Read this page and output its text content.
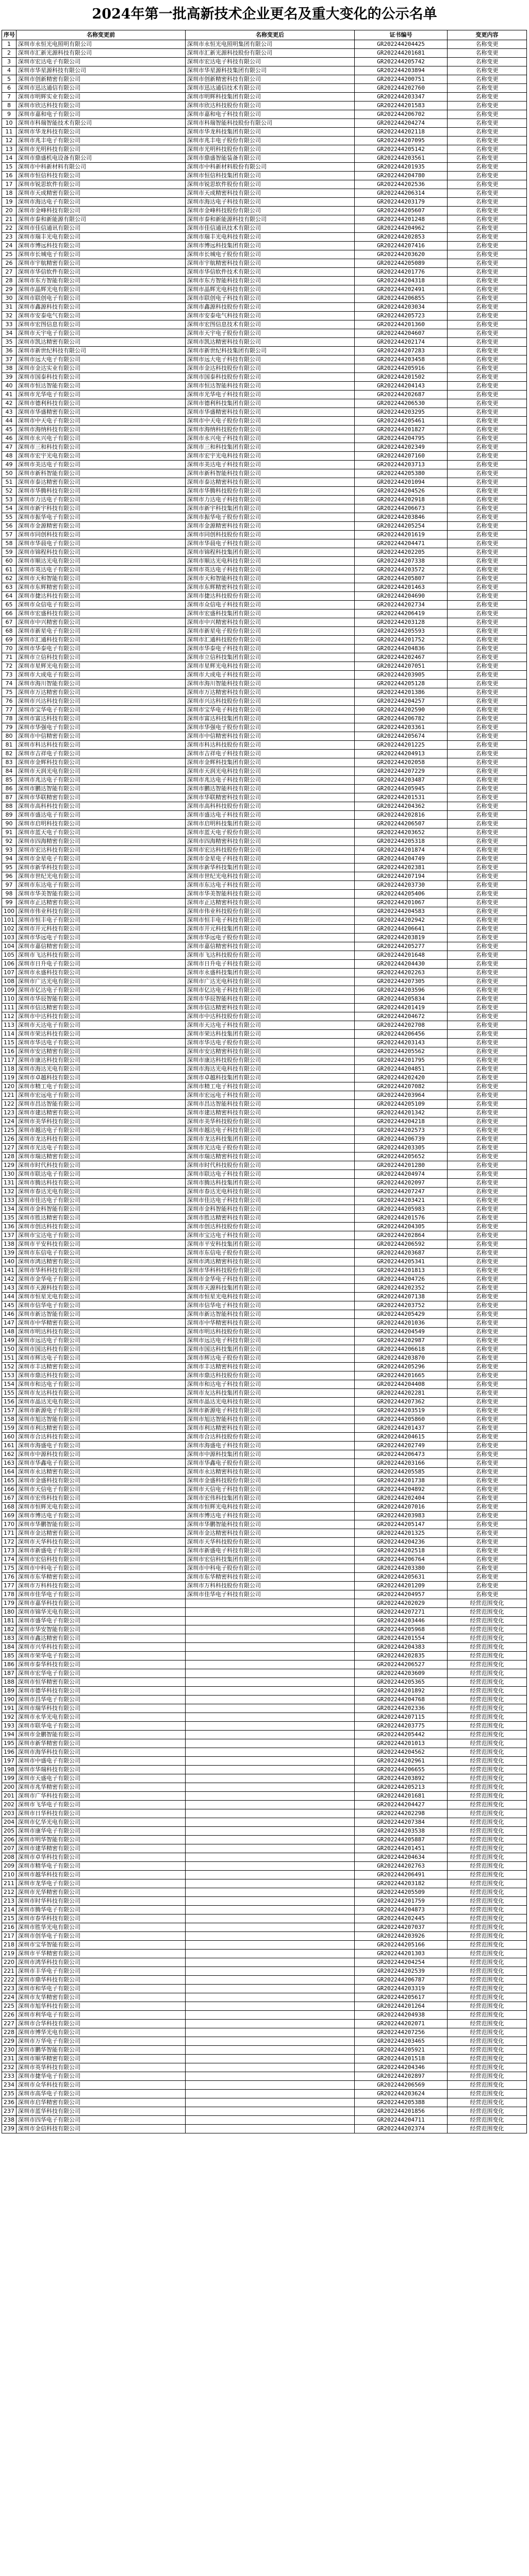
2024年第一批高新技术企业更名及重大变化的公示名单
序号	名称变更前	名称变更后	证书编号	变更内容
1	深圳市永恒光电照明有限公司	深圳市永恒光电照明集团有限公司	GR202244204425	名称变更
2	深圳市汇新光源科技有限公司	深圳市汇新光源科技股份有限公司	GR202244201681	名称变更
3	深圳市宏达电子有限公司	深圳市宏达电子科技有限公司	GR202244205742	名称变更
4	深圳市华星源科技有限公司	深圳市华星源科技集团有限公司	GR202244203894	名称变更
5	深圳市创新精密有限公司	深圳市创新精密科技有限公司	GR202244200751	名称变更
6	深圳市迅达通信有限公司	深圳市迅达通信技术有限公司	GR202244202760	名称变更
7	深圳市明辉实业有限公司	深圳市明辉科技集团有限公司	GR202244203347	名称变更
8	深圳市欣达科技有限公司	深圳市欣达科技股份有限公司	GR202244201583	名称变更
9	深圳市嘉和电子有限公司	深圳市嘉和电子科技有限公司	GR202244206702	名称变更
10	深圳市科瑞智能技术有限公司	深圳市科瑞智能科技股份有限公司	GR202244204274	名称变更
11	深圳市华龙科技有限公司	深圳市华龙科技集团有限公司	GR202244202118	名称变更
12	深圳市兆丰电子有限公司	深圳市兆丰电子股份有限公司	GR202244207095	名称变更
13	深圳市光明科技有限公司	深圳市光明科技股份有限公司	GR202244205142	名称变更
14	深圳市鼎盛机电设备有限公司	深圳市鼎盛智能装备有限公司	GR202244203561	名称变更
15	深圳市中科新材料有限公司	深圳市中科新材料股份有限公司	GR202244201935	名称变更
16	深圳市恒信科技有限公司	深圳市恒信科技集团有限公司	GR202244204780	名称变更
17	深圳市锐思软件有限公司	深圳市锐思软件股份有限公司	GR202244202536	名称变更
18	深圳市天成精密有限公司	深圳市天成精密科技有限公司	GR202244206314	名称变更
19	深圳市海达电子有限公司	深圳市海达电子科技有限公司	GR202244203179	名称变更
20	深圳市金峰科技有限公司	深圳市金峰科技股份有限公司	GR202244205607	名称变更
21	深圳市泰和新能源有限公司	深圳市泰和新能源科技有限公司	GR202244201248	名称变更
22	深圳市佳信通讯有限公司	深圳市佳信通讯技术有限公司	GR202244204962	名称变更
23	深圳市瑞丰光电有限公司	深圳市瑞丰光电科技有限公司	GR202244202853	名称变更
24	深圳市博远科技有限公司	深圳市博远科技集团有限公司	GR202244207416	名称变更
25	深圳市长城电子有限公司	深圳市长城电子股份有限公司	GR202244203620	名称变更
26	深圳市宇航精密有限公司	深圳市宇航精密科技有限公司	GR202244205089	名称变更
27	深圳市华信软件有限公司	深圳市华信软件技术有限公司	GR202244201776	名称变更
28	深圳市东方智能有限公司	深圳市东方智能科技有限公司	GR202244204318	名称变更
29	深圳市晶辉光电有限公司	深圳市晶辉光电科技有限公司	GR202244202491	名称变更
30	深圳市联创电子有限公司	深圳市联创电子科技有限公司	GR202244206855	名称变更
31	深圳市鑫源科技有限公司	深圳市鑫源科技股份有限公司	GR202244203034	名称变更
32	深圳市安泰电气有限公司	深圳市安泰电气科技有限公司	GR202244205723	名称变更
33	深圳市宏图信息有限公司	深圳市宏图信息技术有限公司	GR202244201360	名称变更
34	深圳市天宇电子有限公司	深圳市天宇电子股份有限公司	GR202244204607	名称变更
35	深圳市凯达精密有限公司	深圳市凯达精密科技有限公司	GR202244202174	名称变更
36	深圳市新世纪科技有限公司	深圳市新世纪科技集团有限公司	GR202244207283	名称变更
37	深圳市远大电子有限公司	深圳市远大电子科技有限公司	GR202244203458	名称变更
38	深圳市金达实业有限公司	深圳市金达科技股份有限公司	GR202244205916	名称变更
39	深圳市国泰科技有限公司	深圳市国泰科技股份有限公司	GR202244201502	名称变更
40	深圳市恒达智能有限公司	深圳市恒达智能科技有限公司	GR202244204143	名称变更
41	深圳市光华电子有限公司	深圳市光华电子科技有限公司	GR202244202687	名称变更
42	深圳市德利科技有限公司	深圳市德利科技集团有限公司	GR202244206530	名称变更
43	深圳市华盛精密有限公司	深圳市华盛精密科技有限公司	GR202244203295	名称变更
44	深圳市中天电子有限公司	深圳市中天电子股份有限公司	GR202244205461	名称变更
45	深圳市海纳科技有限公司	深圳市海纳科技股份有限公司	GR202244201827	名称变更
46	深圳市永兴电子有限公司	深圳市永兴电子科技有限公司	GR202244204795	名称变更
47	深圳市三和科技有限公司	深圳市三和科技集团有限公司	GR202244202349	名称变更
48	深圳市宏宇光电有限公司	深圳市宏宇光电科技有限公司	GR202244207160	名称变更
49	深圳市美达电子有限公司	深圳市美达电子科技有限公司	GR202244203713	名称变更
50	深圳市新科智能有限公司	深圳市新科智能科技有限公司	GR202244205380	名称变更
51	深圳市泰达精密有限公司	深圳市泰达精密科技有限公司	GR202244201094	名称变更
52	深圳市华腾科技有限公司	深圳市华腾科技股份有限公司	GR202244204526	名称变更
53	深圳市力达电子有限公司	深圳市力达电子科技有限公司	GR202244202918	名称变更
54	深圳市新宇科技有限公司	深圳市新宇科技集团有限公司	GR202244206673	名称变更
55	深圳市振华电子有限公司	深圳市振华电子股份有限公司	GR202244203846	名称变更
56	深圳市金源精密有限公司	深圳市金源精密科技有限公司	GR202244205254	名称变更
57	深圳市同创科技有限公司	深圳市同创科技股份有限公司	GR202244201619	名称变更
58	深圳市华晨电子有限公司	深圳市华晨电子科技有限公司	GR202244204471	名称变更
59	深圳市锦程科技有限公司	深圳市锦程科技集团有限公司	GR202244202205	名称变更
60	深圳市顺达光电有限公司	深圳市顺达光电科技有限公司	GR202244207338	名称变更
61	深圳市英达电子有限公司	深圳市英达电子科技有限公司	GR202244203572	名称变更
62	深圳市天和智能有限公司	深圳市天和智能科技有限公司	GR202244205807	名称变更
63	深圳市东辉精密有限公司	深圳市东辉精密科技有限公司	GR202244201463	名称变更
64	深圳市捷达科技有限公司	深圳市捷达科技股份有限公司	GR202244204690	名称变更
65	深圳市众信电子有限公司	深圳市众信电子科技有限公司	GR202244202734	名称变更
66	深圳市宏盛科技有限公司	深圳市宏盛科技集团有限公司	GR202244206419	名称变更
67	深圳市中兴精密有限公司	深圳市中兴精密科技有限公司	GR202244203128	名称变更
68	深圳市新星电子有限公司	深圳市新星电子股份有限公司	GR202244205593	名称变更
69	深圳市汇通科技有限公司	深圳市汇通科技股份有限公司	GR202244201752	名称变更
70	深圳市华泰电子有限公司	深圳市华泰电子科技有限公司	GR202244204836	名称变更
71	深圳市立信科技有限公司	深圳市立信科技集团有限公司	GR202244202467	名称变更
72	深圳市星辉光电有限公司	深圳市星辉光电科技有限公司	GR202244207051	名称变更
73	深圳市大成电子有限公司	深圳市大成电子科技有限公司	GR202244203905	名称变更
74	深圳市海川智能有限公司	深圳市海川智能科技有限公司	GR202244205128	名称变更
75	深圳市万达精密有限公司	深圳市万达精密科技有限公司	GR202244201386	名称变更
76	深圳市兴达科技有限公司	深圳市兴达科技股份有限公司	GR202244204257	名称变更
77	深圳市宝华电子有限公司	深圳市宝华电子科技有限公司	GR202244202590	名称变更
78	深圳市富达科技有限公司	深圳市富达科技集团有限公司	GR202244206782	名称变更
79	深圳市华强电子有限公司	深圳市华强电子股份有限公司	GR202244203361	名称变更
80	深圳市中信精密有限公司	深圳市中信精密科技有限公司	GR202244205674	名称变更
81	深圳市科达科技有限公司	深圳市科达科技股份有限公司	GR202244201225	名称变更
82	深圳市吉祥电子有限公司	深圳市吉祥电子科技有限公司	GR202244204913	名称变更
83	深圳市金辉科技有限公司	深圳市金辉科技集团有限公司	GR202244202058	名称变更
84	深圳市天润光电有限公司	深圳市天润光电科技有限公司	GR202244207229	名称变更
85	深圳市兆达电子有限公司	深圳市兆达电子科技有限公司	GR202244203487	名称变更
86	深圳市鹏达智能有限公司	深圳市鹏达智能科技有限公司	GR202244205945	名称变更
87	深圳市华联精密有限公司	深圳市华联精密科技有限公司	GR202244201531	名称变更
88	深圳市高科科技有限公司	深圳市高科科技股份有限公司	GR202244204362	名称变更
89	深圳市盛达电子有限公司	深圳市盛达电子科技有限公司	GR202244202816	名称变更
90	深圳市启明科技有限公司	深圳市启明科技集团有限公司	GR202244206507	名称变更
91	深圳市蓝天电子有限公司	深圳市蓝天电子股份有限公司	GR202244203652	名称变更
92	深圳市四海精密有限公司	深圳市四海精密科技有限公司	GR202244205318	名称变更
93	深圳市宏达科技有限公司	深圳市宏达科技股份有限公司	GR202244201874	名称变更
94	深圳市金星电子有限公司	深圳市金星电子科技有限公司	GR202244204749	名称变更
95	深圳市新华科技有限公司	深圳市新华科技集团有限公司	GR202244202381	名称变更
96	深圳市世纪光电有限公司	深圳市世纪光电科技有限公司	GR202244207194	名称变更
97	深圳市东达电子有限公司	深圳市东达电子科技有限公司	GR202244203730	名称变更
98	深圳市华美智能有限公司	深圳市华美智能科技有限公司	GR202244205406	名称变更
99	深圳市正达精密有限公司	深圳市正达精密科技有限公司	GR202244201067	名称变更
100	深圳市伟业科技有限公司	深圳市伟业科技股份有限公司	GR202244204583	名称变更
101	深圳市恒丰电子有限公司	深圳市恒丰电子科技有限公司	GR202244202942	名称变更
102	深圳市开元科技有限公司	深圳市开元科技集团有限公司	GR202244206641	名称变更
103	深圳市华远电子有限公司	深圳市华远电子股份有限公司	GR202244203819	名称变更
104	深圳市嘉信精密有限公司	深圳市嘉信精密科技有限公司	GR202244205277	名称变更
105	深圳市飞达科技有限公司	深圳市飞达科技股份有限公司	GR202244201648	名称变更
106	深圳市日升电子有限公司	深圳市日升电子科技有限公司	GR202244204430	名称变更
107	深圳市永盛科技有限公司	深圳市永盛科技集团有限公司	GR202244202263	名称变更
108	深圳市广达光电有限公司	深圳市广达光电科技有限公司	GR202244207305	名称变更
109	深圳市亿达电子有限公司	深圳市亿达电子科技有限公司	GR202244203596	名称变更
110	深圳市华辰智能有限公司	深圳市华辰智能科技有限公司	GR202244205834	名称变更
111	深圳市信达精密有限公司	深圳市信达精密科技有限公司	GR202244201419	名称变更
112	深圳市中达科技有限公司	深圳市中达科技股份有限公司	GR202244204672	名称变更
113	深圳市天达电子有限公司	深圳市天达电子科技有限公司	GR202244202708	名称变更
114	深圳市荣达科技有限公司	深圳市荣达科技集团有限公司	GR202244206456	名称变更
115	深圳市华达电子有限公司	深圳市华达电子股份有限公司	GR202244203143	名称变更
116	深圳市安达精密有限公司	深圳市安达精密科技有限公司	GR202244205562	名称变更
117	深圳市康达科技有限公司	深圳市康达科技股份有限公司	GR202244201795	名称变更
118	深圳市海达光电有限公司	深圳市海达光电科技有限公司	GR202244204851	名称变更
119	深圳市卓越科技有限公司	深圳市卓越科技集团有限公司	GR202244202420	名称变更
120	深圳市精工电子有限公司	深圳市精工电子科技有限公司	GR202244207082	名称变更
121	深圳市宏远电子有限公司	深圳市宏远电子科技有限公司	GR202244203964	名称变更
122	深圳市昌达智能有限公司	深圳市昌达智能科技有限公司	GR202244205109	名称变更
123	深圳市建达精密有限公司	深圳市建达精密科技有限公司	GR202244201342	名称变更
124	深圳市美华科技有限公司	深圳市美华科技股份有限公司	GR202244204218	名称变更
125	深圳市越达电子有限公司	深圳市越达电子科技有限公司	GR202244202573	名称变更
126	深圳市龙达科技有限公司	深圳市龙达科技集团有限公司	GR202244206739	名称变更
127	深圳市光达电子有限公司	深圳市光达电子股份有限公司	GR202244203305	名称变更
128	深圳市瑞达精密有限公司	深圳市瑞达精密科技有限公司	GR202244205652	名称变更
129	深圳市时代科技有限公司	深圳市时代科技股份有限公司	GR202244201280	名称变更
130	深圳市联达电子有限公司	深圳市联达电子科技有限公司	GR202244204974	名称变更
131	深圳市腾达科技有限公司	深圳市腾达科技集团有限公司	GR202244202097	名称变更
132	深圳市春达光电有限公司	深圳市春达光电科技有限公司	GR202244207247	名称变更
133	深圳市佳达电子有限公司	深圳市佳达电子科技有限公司	GR202244203421	名称变更
134	深圳市金科智能有限公司	深圳市金科智能科技有限公司	GR202244205983	名称变更
135	深圳市胜达精密有限公司	深圳市胜达精密科技有限公司	GR202244201576	名称变更
136	深圳市创达科技有限公司	深圳市创达科技股份有限公司	GR202244204305	名称变更
137	深圳市宝达电子有限公司	深圳市宝达电子科技有限公司	GR202244202864	名称变更
138	深圳市平安科技有限公司	深圳市平安科技集团有限公司	GR202244206592	名称变更
139	深圳市东信电子有限公司	深圳市东信电子股份有限公司	GR202244203687	名称变更
140	深圳市鸿达精密有限公司	深圳市鸿达精密科技有限公司	GR202244205341	名称变更
141	深圳市华科科技有限公司	深圳市华科科技股份有限公司	GR202244201813	名称变更
142	深圳市金华电子有限公司	深圳市金华电子科技有限公司	GR202244204726	名称变更
143	深圳市天源科技有限公司	深圳市天源科技集团有限公司	GR202244202352	名称变更
144	深圳市恒星光电有限公司	深圳市恒星光电科技有限公司	GR202244207138	名称变更
145	深圳市信华电子有限公司	深圳市信华电子科技有限公司	GR202244203752	名称变更
146	深圳市新达智能有限公司	深圳市新达智能科技有限公司	GR202244205429	名称变更
147	深圳市中华精密有限公司	深圳市中华精密科技有限公司	GR202244201036	名称变更
148	深圳市明达科技有限公司	深圳市明达科技股份有限公司	GR202244204549	名称变更
149	深圳市远达电子有限公司	深圳市远达电子科技有限公司	GR202244202987	名称变更
150	深圳市国达科技有限公司	深圳市国达科技集团有限公司	GR202244206618	名称变更
151	深圳市辉达电子有限公司	深圳市辉达电子股份有限公司	GR202244203870	名称变更
152	深圳市丰达精密有限公司	深圳市丰达精密科技有限公司	GR202244205296	名称变更
153	深圳市鼎达科技有限公司	深圳市鼎达科技股份有限公司	GR202244201665	名称变更
154	深圳市和达电子有限公司	深圳市和达电子科技有限公司	GR202244204408	名称变更
155	深圳市友达科技有限公司	深圳市友达科技集团有限公司	GR202244202281	名称变更
156	深圳市晶达光电有限公司	深圳市晶达光电科技有限公司	GR202244207362	名称变更
157	深圳市新源电子有限公司	深圳市新源电子科技有限公司	GR202244203519	名称变更
158	深圳市旭达智能有限公司	深圳市旭达智能科技有限公司	GR202244205860	名称变更
159	深圳市利达精密有限公司	深圳市利达精密科技有限公司	GR202244201437	名称变更
160	深圳市合达科技有限公司	深圳市合达科技股份有限公司	GR202244204615	名称变更
161	深圳市海盛电子有限公司	深圳市海盛电子科技有限公司	GR202244202749	名称变更
162	深圳市中源科技有限公司	深圳市中源科技集团有限公司	GR202244206473	名称变更
163	深圳市华鑫电子有限公司	深圳市华鑫电子股份有限公司	GR202244203166	名称变更
164	深圳市永达精密有限公司	深圳市永达精密科技有限公司	GR202244205585	名称变更
165	深圳市金盛科技有限公司	深圳市金盛科技股份有限公司	GR202244201738	名称变更
166	深圳市天信电子有限公司	深圳市天信电子科技有限公司	GR202244204892	名称变更
167	深圳市宏伟科技有限公司	深圳市宏伟科技集团有限公司	GR202244202404	名称变更
168	深圳市恒辉光电有限公司	深圳市恒辉光电科技有限公司	GR202244207016	名称变更
169	深圳市博达电子有限公司	深圳市博达电子科技有限公司	GR202244203983	名称变更
170	深圳市华鹏智能有限公司	深圳市华鹏智能科技有限公司	GR202244205147	名称变更
171	深圳市金达精密有限公司	深圳市金达精密科技有限公司	GR202244201325	名称变更
172	深圳市天华科技有限公司	深圳市天华科技股份有限公司	GR202244204236	名称变更
173	深圳市新盛电子有限公司	深圳市新盛电子科技有限公司	GR202244202518	名称变更
174	深圳市宏信科技有限公司	深圳市宏信科技集团有限公司	GR202244206764	名称变更
175	深圳市中科电子有限公司	深圳市中科电子股份有限公司	GR202244203380	名称变更
176	深圳市东华精密有限公司	深圳市东华精密科技有限公司	GR202244205631	名称变更
177	深圳市万科科技有限公司	深圳市万科科技股份有限公司	GR202244201209	名称变更
178	深圳市佳华电子有限公司	深圳市佳华电子科技有限公司	GR202244204957	名称变更
179	深圳市嘉华科技有限公司		GR202244202029	经营范围变化
180	深圳市锦华光电有限公司		GR202244207271	经营范围变化
181	深圳市盛华电子有限公司		GR202244203446	经营范围变化
182	深圳市华安智能有限公司		GR202244205968	经营范围变化
183	深圳市鑫达精密有限公司		GR202244201554	经营范围变化
184	深圳市兴华科技有限公司		GR202244204383	经营范围变化
185	深圳市荣华电子有限公司		GR202244202835	经营范围变化
186	深圳市泰华科技有限公司		GR202244206527	经营范围变化
187	深圳市宏华电子有限公司		GR202244203609	经营范围变化
188	深圳市恒华精密有限公司		GR202244205365	经营范围变化
189	深圳市德华科技有限公司		GR202244201892	经营范围变化
190	深圳市昌华电子有限公司		GR202244204768	经营范围变化
191	深圳市瑞华科技有限公司		GR202244202336	经营范围变化
192	深圳市永华光电有限公司		GR202244207115	经营范围变化
193	深圳市联华电子有限公司		GR202244203775	经营范围变化
194	深圳市金鹏智能有限公司		GR202244205442	经营范围变化
195	深圳市新华精密有限公司		GR202244201013	经营范围变化
196	深圳市海华科技有限公司		GR202244204562	经营范围变化
197	深圳市中盛电子有限公司		GR202244202961	经营范围变化
198	深圳市华瑞科技有限公司		GR202244206655	经营范围变化
199	深圳市天盛电子有限公司		GR202244203892	经营范围变化
200	深圳市兆华精密有限公司		GR202244205213	经营范围变化
201	深圳市广华科技有限公司		GR202244201681	经营范围变化
202	深圳市飞华电子有限公司		GR202244204427	经营范围变化
203	深圳市日华科技有限公司		GR202244202298	经营范围变化
204	深圳市亿华光电有限公司		GR202244207384	经营范围变化
205	深圳市康华电子有限公司		GR202244203538	经营范围变化
206	深圳市明华智能有限公司		GR202244205887	经营范围变化
207	深圳市建华精密有限公司		GR202244201451	经营范围变化
208	深圳市卓华科技有限公司		GR202244204634	经营范围变化
209	深圳市精华电子有限公司		GR202244202763	经营范围变化
210	深圳市越华科技有限公司		GR202244206491	经营范围变化
211	深圳市龙华电子有限公司		GR202244203182	经营范围变化
212	深圳市光华精密有限公司		GR202244205509	经营范围变化
213	深圳市时华科技有限公司		GR202244201759	经营范围变化
214	深圳市腾华电子有限公司		GR202244204873	经营范围变化
215	深圳市春华科技有限公司		GR202244202445	经营范围变化
216	深圳市胜华光电有限公司		GR202244207037	经营范围变化
217	深圳市创华电子有限公司		GR202244203926	经营范围变化
218	深圳市宝华智能有限公司		GR202244205166	经营范围变化
219	深圳市平华精密有限公司		GR202244201303	经营范围变化
220	深圳市鸿华科技有限公司		GR202244204254	经营范围变化
221	深圳市丰华电子有限公司		GR202244202539	经营范围变化
222	深圳市鼎华科技有限公司		GR202244206787	经营范围变化
223	深圳市和华电子有限公司		GR202244203319	经营范围变化
224	深圳市友华精密有限公司		GR202244205617	经营范围变化
225	深圳市旭华科技有限公司		GR202244201264	经营范围变化
226	深圳市利华电子有限公司		GR202244204938	经营范围变化
227	深圳市合华科技有限公司		GR202244202071	经营范围变化
228	深圳市博华光电有限公司		GR202244207256	经营范围变化
229	深圳市万华电子有限公司		GR202244203465	经营范围变化
230	深圳市鹏华智能有限公司		GR202244205921	经营范围变化
231	深圳市顺华精密有限公司		GR202244201518	经营范围变化
232	深圳市英华科技有限公司		GR202244204346	经营范围变化
233	深圳市捷华电子有限公司		GR202244202897	经营范围变化
234	深圳市众华科技有限公司		GR202244206569	经营范围变化
235	深圳市高华电子有限公司		GR202244203624	经营范围变化
236	深圳市启华精密有限公司		GR202244205388	经营范围变化
237	深圳市蓝华科技有限公司		GR202244201856	经营范围变化
238	深圳市四华电子有限公司		GR202244204711	经营范围变化
239	深圳市金信科技有限公司		GR202244202374	经营范围变化
